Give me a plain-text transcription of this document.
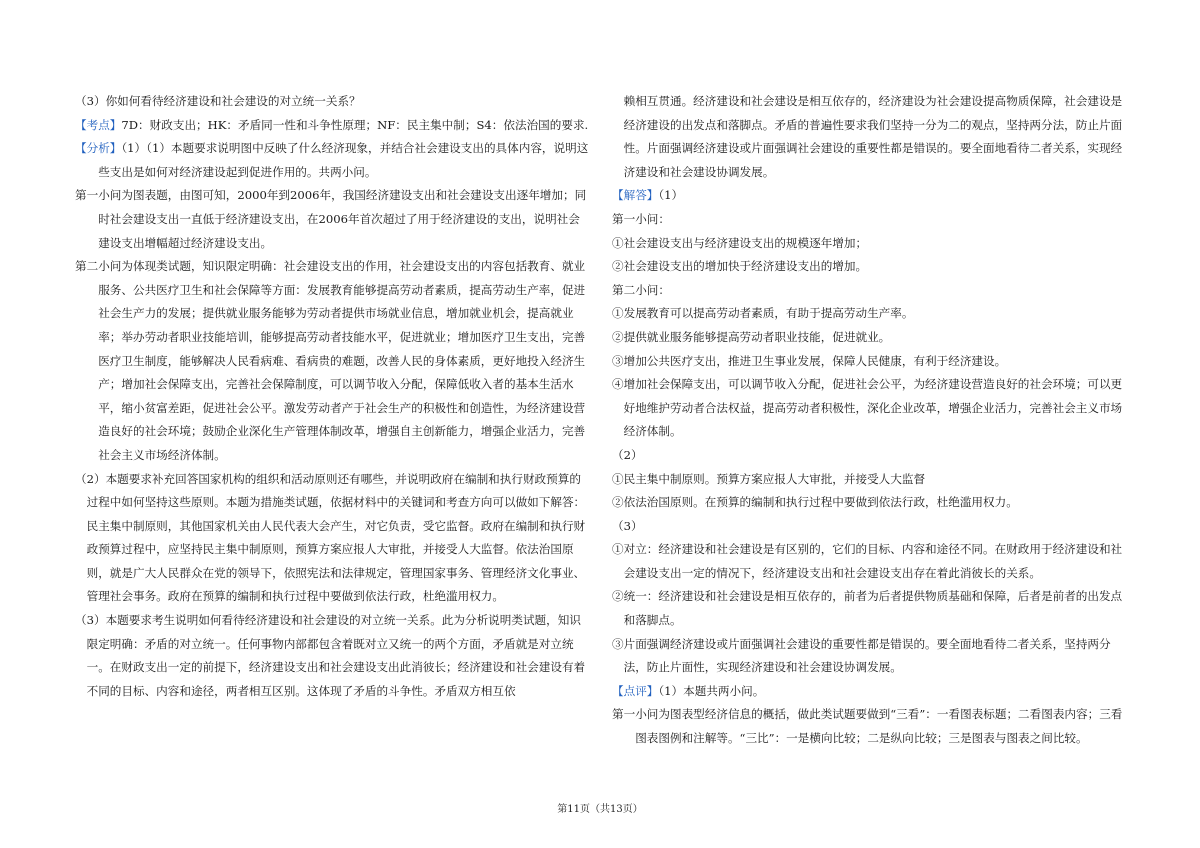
（3）你如何看待经济建设和社会建设的对立统一关系？

【考点】7D：财政支出；HK：矛盾同一性和斗争性原理；NF：民主集中制；S4：依法治国的要求.

【分析】（1）（1）本题要求说明图中反映了什么经济现象，并结合社会建设支出的具体内容，说明这些支出是如何对经济建设起到促进作用的。共两小问。

第一小问为图表题，由图可知，2000年到2006年，我国经济建设支出和社会建设支出逐年增加；同时社会建设支出一直低于经济建设支出，在2006年首次超过了用于经济建设的支出，说明社会建设支出增幅超过经济建设支出。

第二小问为体现类试题，知识限定明确：社会建设支出的作用，社会建设支出的内容包括教育、就业服务、公共医疗卫生和社会保障等方面：发展教育能够提高劳动者素质，提高劳动生产率，促进社会生产力的发展；提供就业服务能够为劳动者提供市场就业信息，增加就业机会，提高就业率；举办劳动者职业技能培训，能够提高劳动者技能水平，促进就业；增加医疗卫生支出，完善医疗卫生制度，能够解决人民看病难、看病贵的难题，改善人民的身体素质，更好地投入经济生产；增加社会保障支出，完善社会保障制度，可以调节收入分配，保障低收入者的基本生活水平，缩小贫富差距，促进社会公平。激发劳动者产于社会生产的积极性和创造性，为经济建设营造良好的社会环境；鼓励企业深化生产管理体制改革，增强自主创新能力，增强企业活力，完善社会主义市场经济体制。

（2）本题要求补充回答国家机构的组织和活动原则还有哪些，并说明政府在编制和执行财政预算的过程中如何坚持这些原则。本题为措施类试题，依据材料中的关键词和考查方向可以做如下解答：民主集中制原则，其他国家机关由人民代表大会产生，对它负责，受它监督。政府在编制和执行财政预算过程中，应坚持民主集中制原则，预算方案应报人大审批，并接受人大监督。依法治国原则，就是广大人民群众在党的领导下，依照宪法和法律规定，管理国家事务、管理经济文化事业、管理社会事务。政府在预算的编制和执行过程中要做到依法行政，杜绝滥用权力。

（3）本题要求考生说明如何看待经济建设和社会建设的对立统一关系。此为分析说明类试题，知识限定明确：矛盾的对立统一。任何事物内部都包含着既对立又统一的两个方面，矛盾就是对立统一。在财政支出一定的前提下，经济建设支出和社会建设支出此消彼长；经济建设和社会建设有着不同的目标、内容和途径，两者相互区别。这体现了矛盾的斗争性。矛盾双方相互依

赖相互贯通。经济建设和社会建设是相互依存的，经济建设为社会建设提高物质保障，社会建设是经济建设的出发点和落脚点。矛盾的普遍性要求我们坚持一分为二的观点，坚持两分法，防止片面性。片面强调经济建设或片面强调社会建设的重要性都是错误的。要全面地看待二者关系，实现经济建设和社会建设协调发展。

【解答】（1）

第一小问：

①社会建设支出与经济建设支出的规模逐年增加；

②社会建设支出的增加快于经济建设支出的增加。

第二小问：

①发展教育可以提高劳动者素质，有助于提高劳动生产率。

②提供就业服务能够提高劳动者职业技能，促进就业。

③增加公共医疗支出，推进卫生事业发展，保障人民健康，有利于经济建设。

④增加社会保障支出，可以调节收入分配，促进社会公平，为经济建设营造良好的社会环境；可以更好地维护劳动者合法权益，提高劳动者积极性，深化企业改革，增强企业活力，完善社会主义市场经济体制。

（2）

①民主集中制原则。预算方案应报人大审批，并接受人大监督

②依法治国原则。在预算的编制和执行过程中要做到依法行政，杜绝滥用权力。

（3）

①对立：经济建设和社会建设是有区别的，它们的目标、内容和途径不同。在财政用于经济建设和社会建设支出一定的情况下，经济建设支出和社会建设支出存在着此消彼长的关系。

②统一：经济建设和社会建设是相互依存的，前者为后者提供物质基础和保障，后者是前者的出发点和落脚点。

③片面强调经济建设或片面强调社会建设的重要性都是错误的。要全面地看待二者关系，坚持两分法，防止片面性，实现经济建设和社会建设协调发展。

【点评】（1）本题共两小问。

第一小问为图表型经济信息的概括，做此类试题要做到“三看”：一看图表标题；二看图表内容；三看图表图例和注解等。“三比”：一是横向比较；二是纵向比较；三是图表与图表之间比较。

第11页（共13页）
